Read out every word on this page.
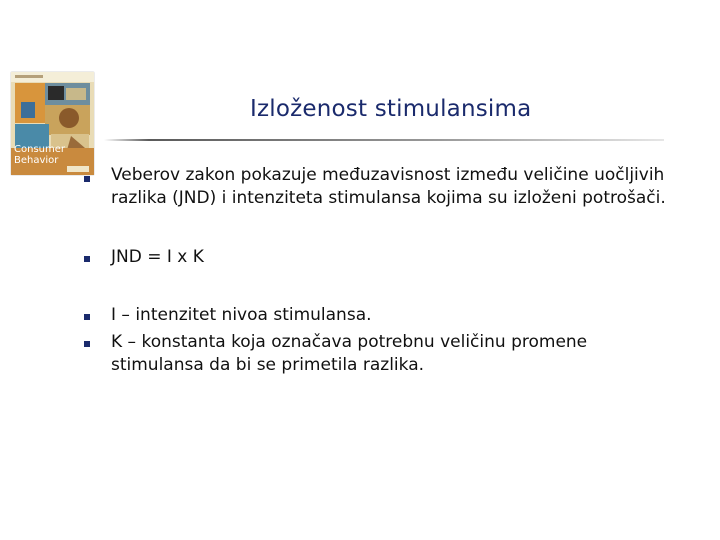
Consumer
Behavior
Izloženost stimulansima
Veberov zakon pokazuje međuzavisnost između veličine uočljivih
razlika (JND) i intenziteta stimulansa kojima su izloženi potrošači.
JND = I x K
I – intenzitet nivoa stimulansa.
K – konstanta koja označava potrebnu veličinu promene
stimulansa da bi se primetila razlika.
